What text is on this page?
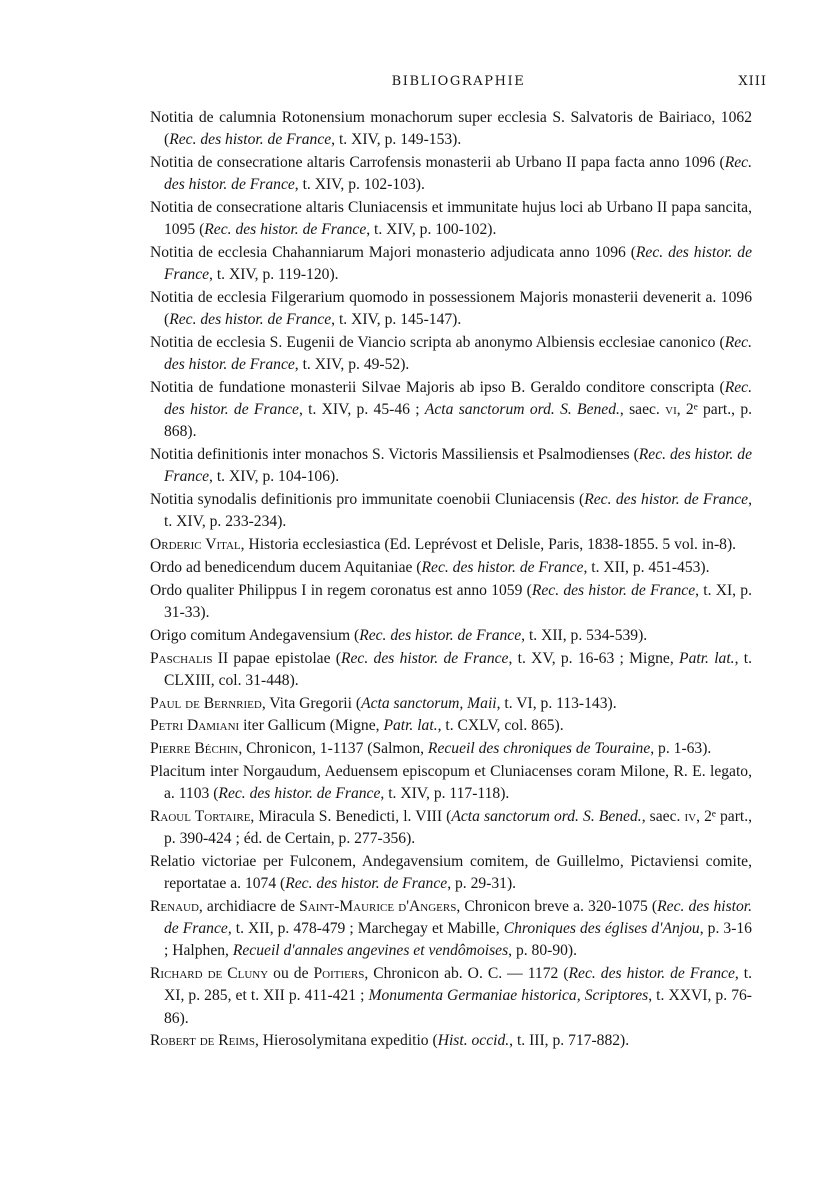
BIBLIOGRAPHIE	XIII

Notitia de calumnia Rotonensium monachorum super ecclesia S. Salvatoris de Bairiaco, 1062 (Rec. des histor. de France, t. XIV, p. 149-153).

Notitia de consecratione altaris Carrofensis monasterii ab Urbano II papa facta anno 1096 (Rec. des histor. de France, t. XIV, p. 102-103).

Notitia de consecratione altaris Cluniacensis et immunitate hujus loci ab Urbano II papa sancita, 1095 (Rec. des histor. de France, t. XIV, p. 100-102).

Notitia de ecclesia Chahanniarum Majori monasterio adjudicata anno 1096 (Rec. des histor. de France, t. XIV, p. 119-120).

Notitia de ecclesia Filgerarium quomodo in possessionem Majoris monasterii devenerit a. 1096 (Rec. des histor. de France, t. XIV, p. 145-147).

Notitia de ecclesia S. Eugenii de Viancio scripta ab anonymo Albiensis ecclesiae canonico (Rec. des histor. de France, t. XIV, p. 49-52).

Notitia de fundatione monasterii Silvae Majoris ab ipso B. Geraldo conditore conscripta (Rec. des histor. de France, t. XIV, p. 45-46 ; Acta sanctorum ord. S. Bened., saec. vi, 2ᵉ part., p. 868).

Notitia definitionis inter monachos S. Victoris Massiliensis et Psalmodienses (Rec. des histor. de France, t. XIV, p. 104-106).

Notitia synodalis definitionis pro immunitate coenobii Cluniacensis (Rec. des histor. de France, t. XIV, p. 233-234).

Orderic Vital, Historia ecclesiastica (Ed. Leprévost et Delisle, Paris, 1838-1855. 5 vol. in-8).

Ordo ad benedicendum ducem Aquitaniae (Rec. des histor. de France, t. XII, p. 451-453).

Ordo qualiter Philippus I in regem coronatus est anno 1059 (Rec. des histor. de France, t. XI, p. 31-33).

Origo comitum Andegavensium (Rec. des histor. de France, t. XII, p. 534-539).

Paschalis II papae epistolae (Rec. des histor. de France, t. XV, p. 16-63 ; Migne, Patr. lat., t. CLXIII, col. 31-448).

Paul de Bernried, Vita Gregorii (Acta sanctorum, Maii, t. VI, p. 113-143).

Petri Damiani iter Gallicum (Migne, Patr. lat., t. CXLV, col. 865).

Pierre Béchin, Chronicon, 1-1137 (Salmon, Recueil des chroniques de Touraine, p. 1-63).

Placitum inter Norgaudum, Aeduensem episcopum et Cluniacenses coram Milone, R. E. legato, a. 1103 (Rec. des histor. de France, t. XIV, p. 117-118).

Raoul Tortaire, Miracula S. Benedicti, l. VIII (Acta sanctorum ord. S. Bened., saec. iv, 2ᵉ part., p. 390-424 ; éd. de Certain, p. 277-356).

Relatio victoriae per Fulconem, Andegavensium comitem, de Guillelmo, Pictaviensi comite, reportatae a. 1074 (Rec. des histor. de France, p. 29-31).

Renaud, archidiacre de Saint-Maurice d'Angers, Chronicon breve a. 320-1075 (Rec. des histor. de France, t. XII, p. 478-479 ; Marchegay et Mabille, Chroniques des églises d'Anjou, p. 3-16 ; Halphen, Recueil d'annales angevines et vendômoises, p. 80-90).

Richard de Cluny ou de Poitiers, Chronicon ab. O. C. — 1172 (Rec. des histor. de France, t. XI, p. 285, et t. XII p. 411-421 ; Monumenta Germaniae historica, Scriptores, t. XXVI, p. 76-86).

Robert de Reims, Hierosolymitana expeditio (Hist. occid., t. III, p. 717-882).
